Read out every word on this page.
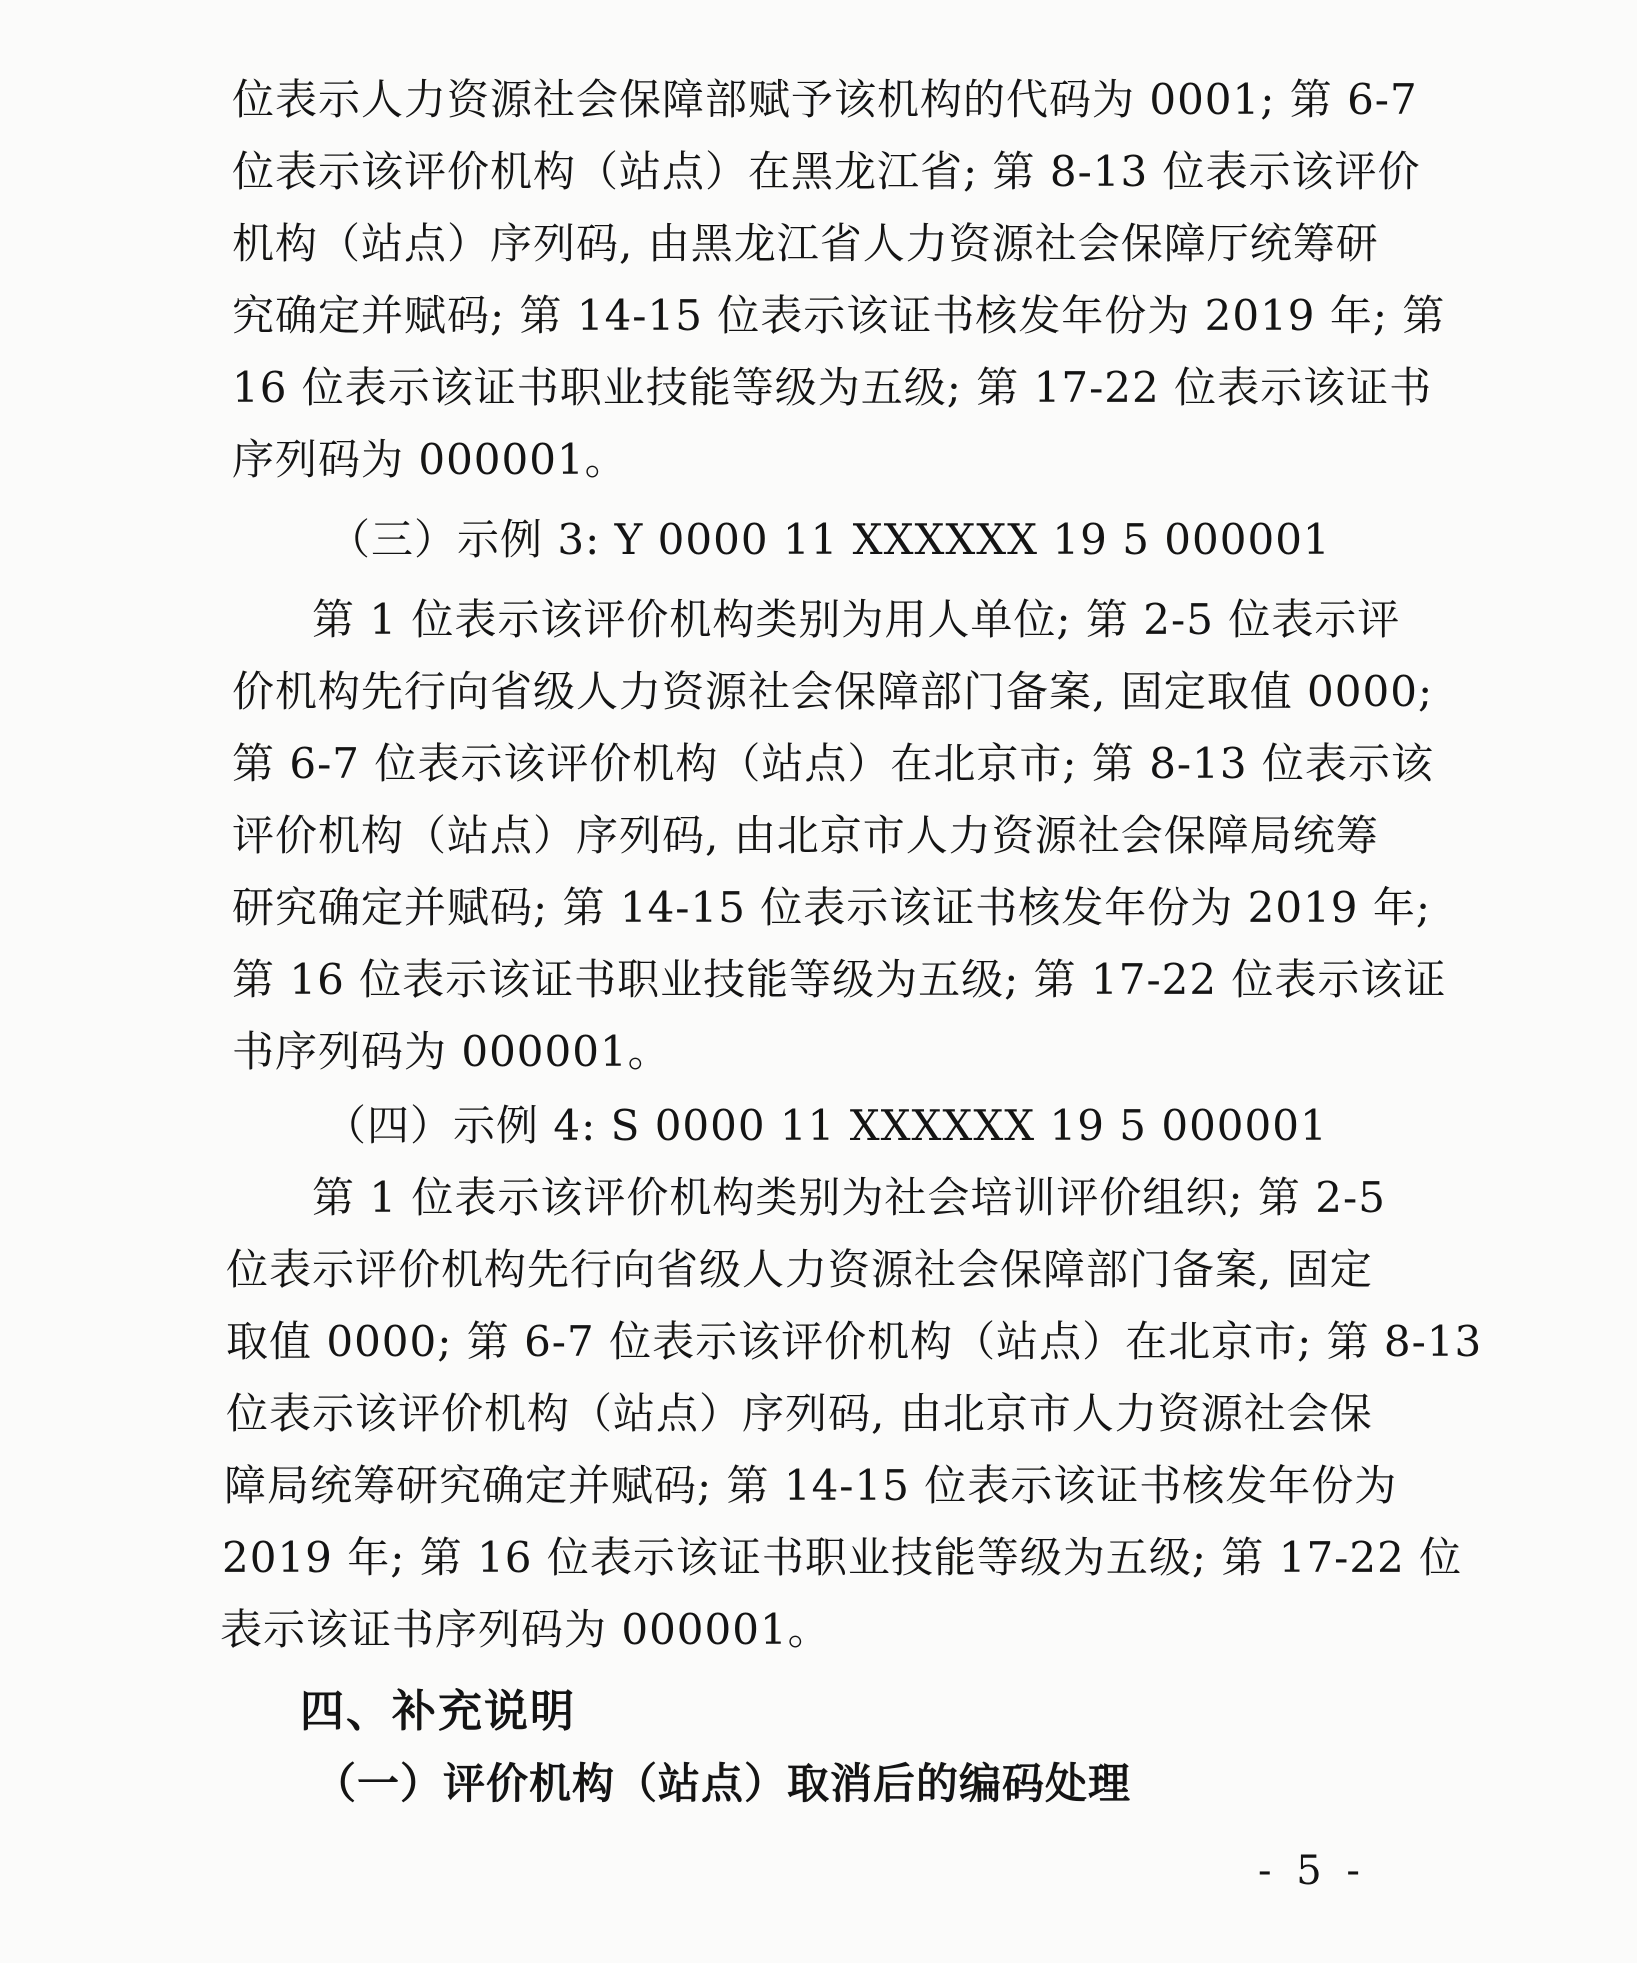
位表示人力资源社会保障部赋予该机构的代码为 0001; 第 6-7
位表示该评价机构（站点）在黑龙江省; 第 8-13 位表示该评价
机构（站点）序列码, 由黑龙江省人力资源社会保障厅统筹研
究确定并赋码; 第 14-15 位表示该证书核发年份为 2019 年; 第
16 位表示该证书职业技能等级为五级; 第 17-22 位表示该证书
序列码为 000001。
（三）示例 3: Y 0000 11 XXXXXX 19 5 000001
第 1 位表示该评价机构类别为用人单位; 第 2-5 位表示评
价机构先行向省级人力资源社会保障部门备案, 固定取值 0000;
第 6-7 位表示该评价机构（站点）在北京市; 第 8-13 位表示该
评价机构（站点）序列码, 由北京市人力资源社会保障局统筹
研究确定并赋码; 第 14-15 位表示该证书核发年份为 2019 年;
第 16 位表示该证书职业技能等级为五级; 第 17-22 位表示该证
书序列码为 000001。
（四）示例 4: S 0000 11 XXXXXX 19 5 000001
第 1 位表示该评价机构类别为社会培训评价组织; 第 2-5
位表示评价机构先行向省级人力资源社会保障部门备案, 固定
取值 0000; 第 6-7 位表示该评价机构（站点）在北京市; 第 8-13
位表示该评价机构（站点）序列码, 由北京市人力资源社会保
障局统筹研究确定并赋码; 第 14-15 位表示该证书核发年份为
2019 年; 第 16 位表示该证书职业技能等级为五级; 第 17-22 位
表示该证书序列码为 000001。
四、补充说明
（一）评价机构（站点）取消后的编码处理
- 5 -
